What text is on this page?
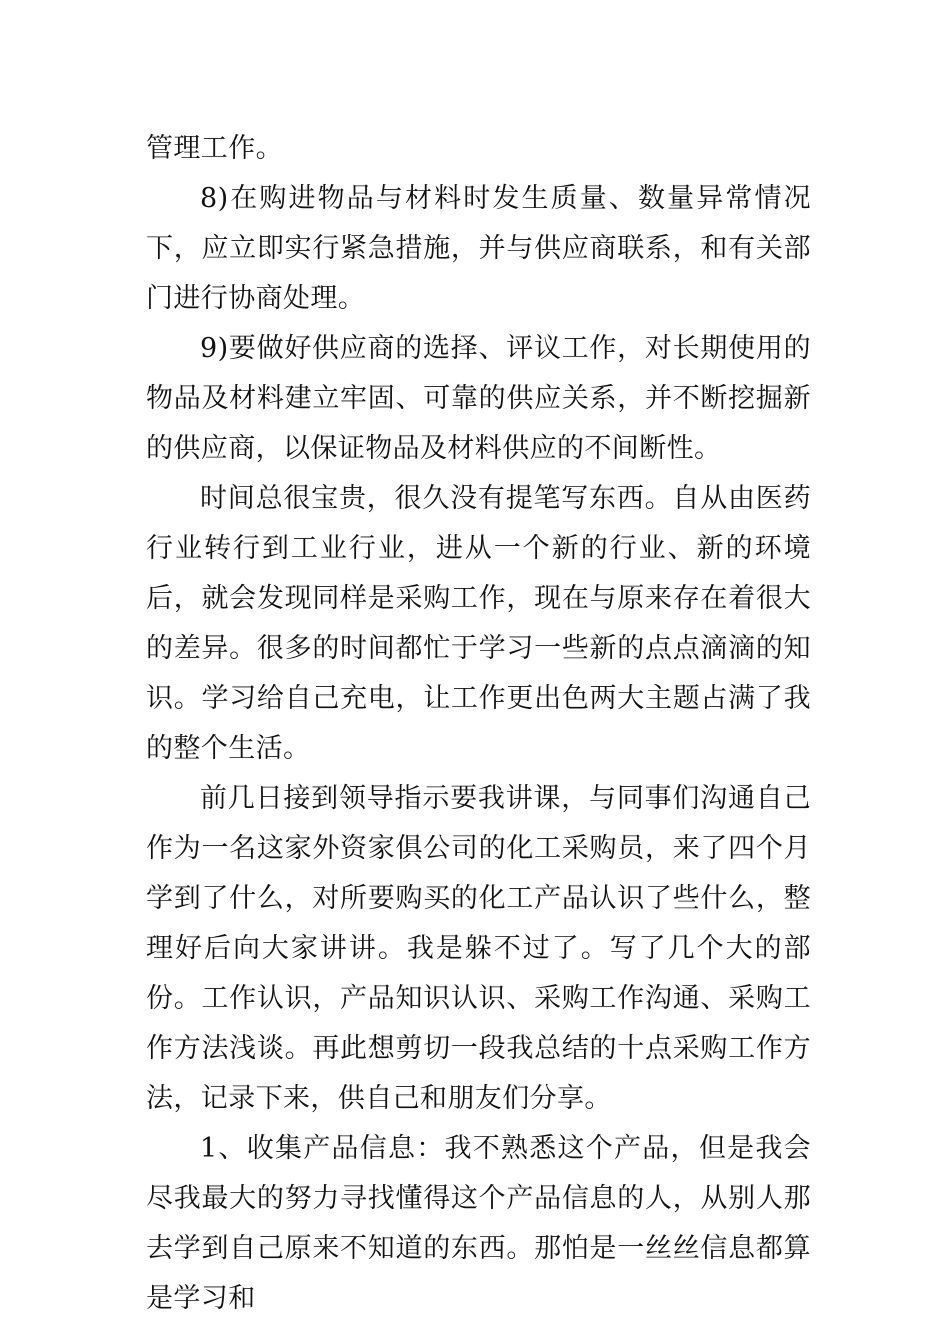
管理工作。

8)在购进物品与材料时发生质量、数量异常情况下，应立即实行紧急措施，并与供应商联系，和有关部门进行协商处理。

9)要做好供应商的选择、评议工作，对长期使用的物品及材料建立牢固、可靠的供应关系，并不断挖掘新的供应商，以保证物品及材料供应的不间断性。

时间总很宝贵，很久没有提笔写东西。自从由医药行业转行到工业行业，进从一个新的行业、新的环境后，就会发现同样是采购工作，现在与原来存在着很大的差异。很多的时间都忙于学习一些新的点点滴滴的知识。学习给自己充电，让工作更出色两大主题占满了我的整个生活。

前几日接到领导指示要我讲课，与同事们沟通自己作为一名这家外资家俱公司的化工采购员，来了四个月学到了什么，对所要购买的化工产品认识了些什么，整理好后向大家讲讲。我是躲不过了。写了几个大的部份。工作认识，产品知识认识、采购工作沟通、采购工作方法浅谈。再此想剪切一段我总结的十点采购工作方法，记录下来，供自己和朋友们分享。

1、收集产品信息：我不熟悉这个产品，但是我会尽我最大的努力寻找懂得这个产品信息的人，从别人那去学到自己原来不知道的东西。那怕是一丝丝信息都算是学习和
